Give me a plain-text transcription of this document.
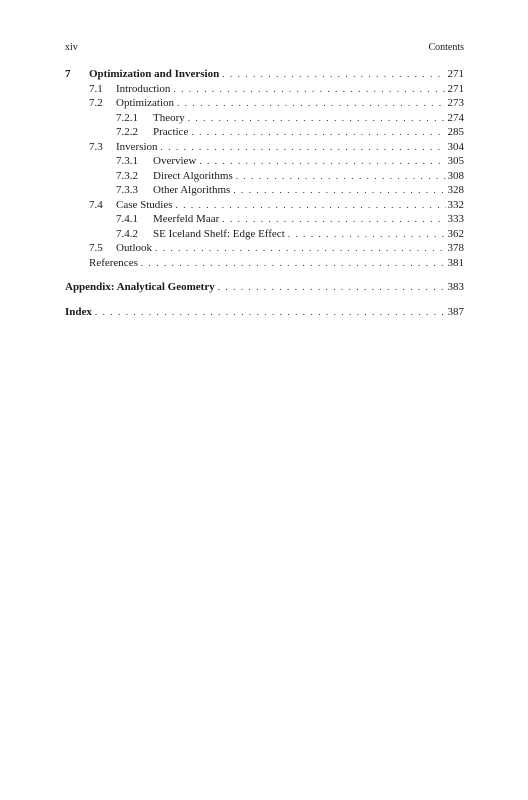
xiv	Contents
7	Optimization and Inversion . . .	271
7.1	Introduction . . .	271
7.2	Optimization . . .	273
7.2.1	Theory . . .	274
7.2.2	Practice . . .	285
7.3	Inversion . . .	304
7.3.1	Overview . . .	305
7.3.2	Direct Algorithms . . .	308
7.3.3	Other Algorithms . . .	328
7.4	Case Studies . . .	332
7.4.1	Meerfeld Maar . . .	333
7.4.2	SE Iceland Shelf: Edge Effect . . .	362
7.5	Outlook . . .	378
References . . .	381
Appendix: Analytical Geometry . . .	383
Index . . .	387
